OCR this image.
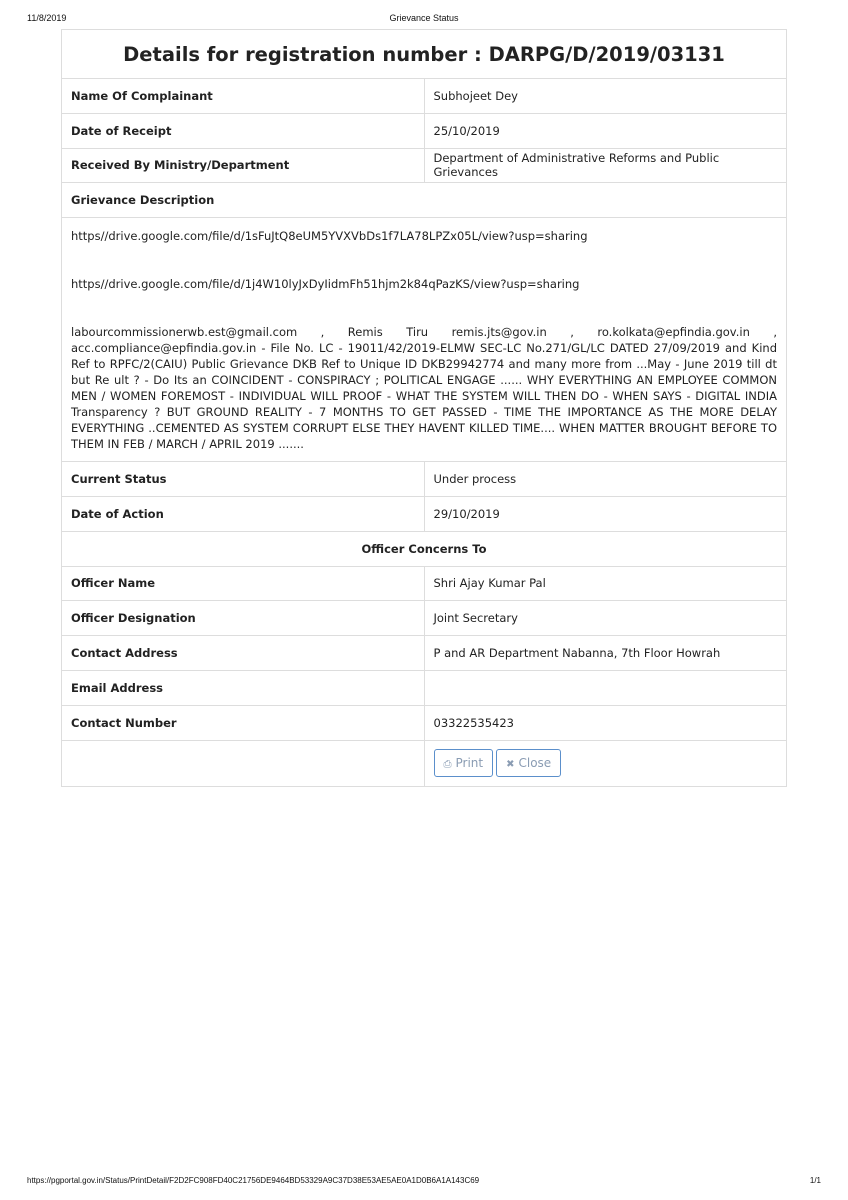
11/8/2019	Grievance Status
Details for registration number : DARPG/D/2019/03131	
Name Of Complainant	Subhojeet Dey
Date of Receipt	25/10/2019
Received By Ministry/Department	Department of Administrative Reforms and Public Grievances
Grievance Description	

https//drive.google.com/file/d/1sFuJtQ8eUM5YVXVbDs1f7LA78LPZx05L/view?usp=sharing

https//drive.google.com/file/d/1j4W10lyJxDyIidmFh51hjm2k84qPazKS/view?usp=sharing

labourcommissionerwb.est@gmail.com , Remis Tiru remis.jts@gov.in , ro.kolkata@epfindia.gov.in , acc.compliance@epfindia.gov.in - File No. LC - 19011/42/2019-ELMW SEC-LC No.271/GL/LC DATED 27/09/2019 and Kind Ref to RPFC/2(CAIU) Public Grievance DKB Ref to Unique ID DKB29942774 and many more from ...May - June 2019 till dt but Re ult ? - Do Its an COINCIDENT - CONSPIRACY ; POLITICAL ENGAGE ...... WHY EVERYTHING AN EMPLOYEE COMMON MEN / WOMEN FOREMOST - INDIVIDUAL WILL PROOF - WHAT THE SYSTEM WILL THEN DO - WHEN SAYS - DIGITAL INDIA Transparency ? BUT GROUND REALITY - 7 MONTHS TO GET PASSED - TIME THE IMPORTANCE AS THE MORE DELAY EVERYTHING ..CEMENTED AS SYSTEM CORRUPT ELSE THEY HAVENT KILLED TIME.... WHEN MATTER BROUGHT BEFORE TO THEM IN FEB / MARCH / APRIL 2019 .......	

Current Status	Under process
Date of Action	29/10/2019
Officer Concerns To	
Officer Name	Shri Ajay Kumar Pal
Officer Designation	Joint Secretary
Contact Address	P and AR Department Nabanna, 7th Floor Howrah
Email Address	
Contact Number	03322535423
	⎙ Print ✖ Close
https://pgportal.gov.in/Status/PrintDetail/F2D2FC908FD40C21756DE9464BD53329A9C37D38E53AE5AE0A1D0B6A1A143C69	1/1
